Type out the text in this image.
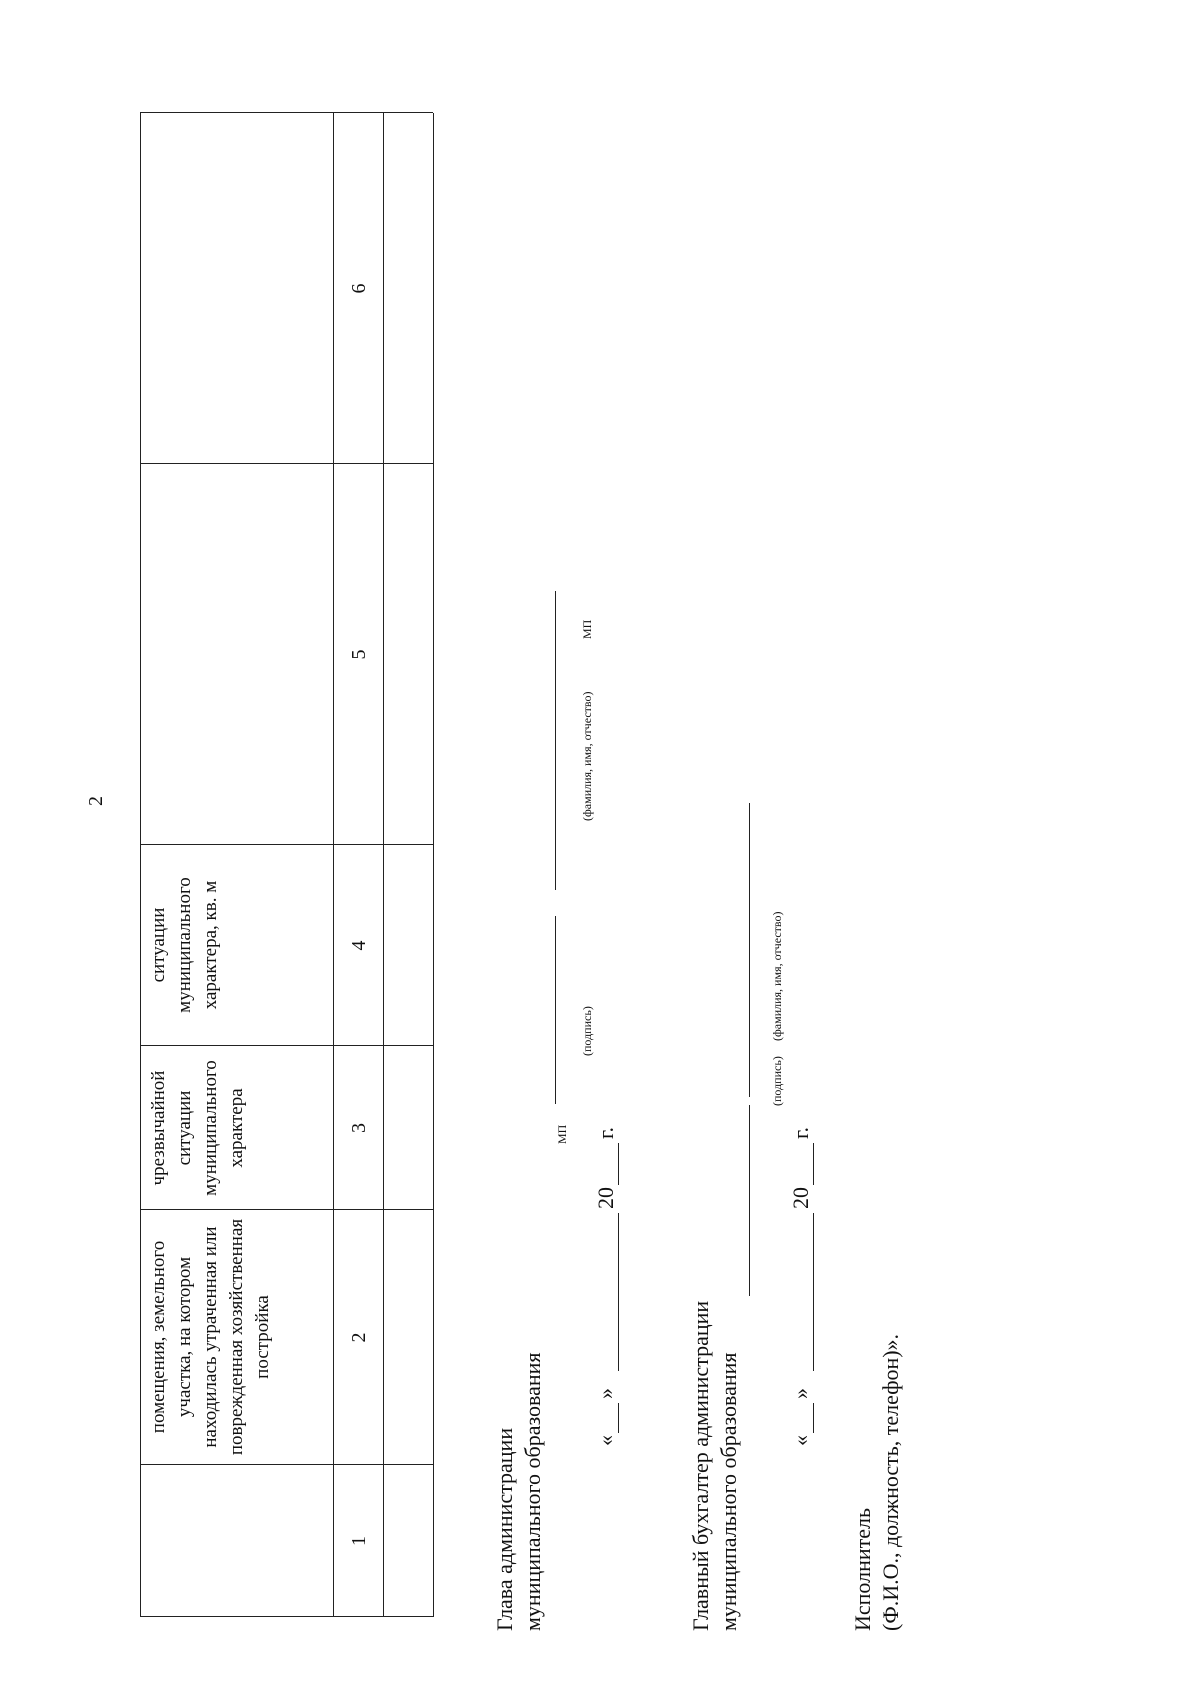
2
помещения, земельного участка, на котором находилась утраченная или поврежденная хозяйственная постройка
чрезвычайной ситуации муниципального характера
ситуации муниципального характера, кв. м
1
2
3
4
5
6
Глава администрации муниципального образования
МП
(подпись)
(фамилия, имя, отчество)
МП
«
»
20
г.
Главный бухгалтер администрации муниципального образования
(подпись)
(фамилия, имя, отчество)
«
»
20
г.
Исполнитель (Ф.И.О., должность, телефон)».
